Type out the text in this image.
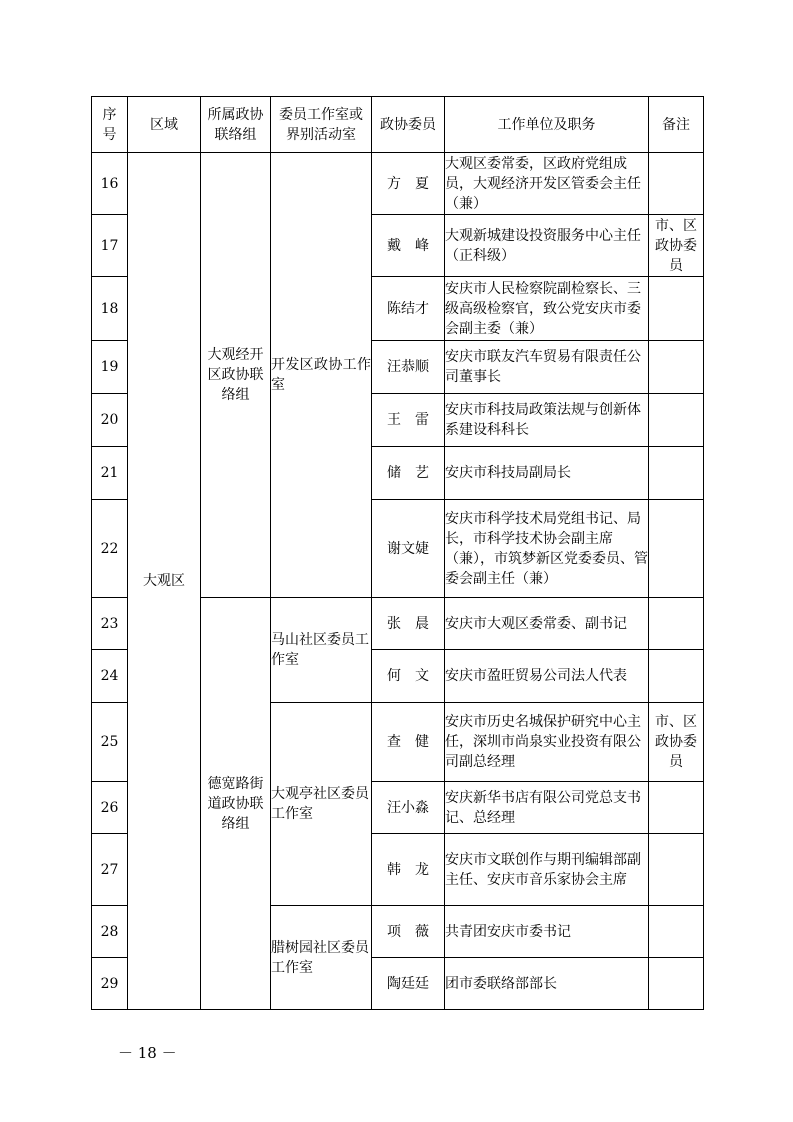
序号	区域	所属政协联络组	委员工作室或界别活动室	政协委员	工作单位及职务	备注
16	大观区	大观经开区政协联络组	开发区政协工作室	方　夏	大观区委常委，区政府党组成员，大观经济开发区管委会主任（兼）	
17				戴　峰	大观新城建设投资服务中心主任（正科级）	市、区政协委员
18				陈结才	安庆市人民检察院副检察长、三级高级检察官，致公党安庆市委会副主委（兼）	
19				汪恭顺	安庆市联友汽车贸易有限责任公司董事长	
20				王　雷	安庆市科技局政策法规与创新体系建设科科长	
21				储　艺	安庆市科技局副局长	
22				谢文婕	安庆市科学技术局党组书记、局长，市科学技术协会副主席（兼），市筑梦新区党委委员、管委会副主任（兼）	
23		德宽路街道政协联络组	马山社区委员工作室	张　晨	安庆市大观区委常委、副书记	
24				何　文	安庆市盈旺贸易公司法人代表	
25			大观亭社区委员工作室	查　健	安庆市历史名城保护研究中心主任，深圳市尚泉实业投资有限公司副总经理	市、区政协委员
26				汪小淼	安庆新华书店有限公司党总支书记、总经理	
27				韩　龙	安庆市文联创作与期刊编辑部副主任、安庆市音乐家协会主席	
28			腊树园社区委员工作室	项　薇	共青团安庆市委书记	
29				陶廷廷	团市委联络部部长	
－ 18 －
